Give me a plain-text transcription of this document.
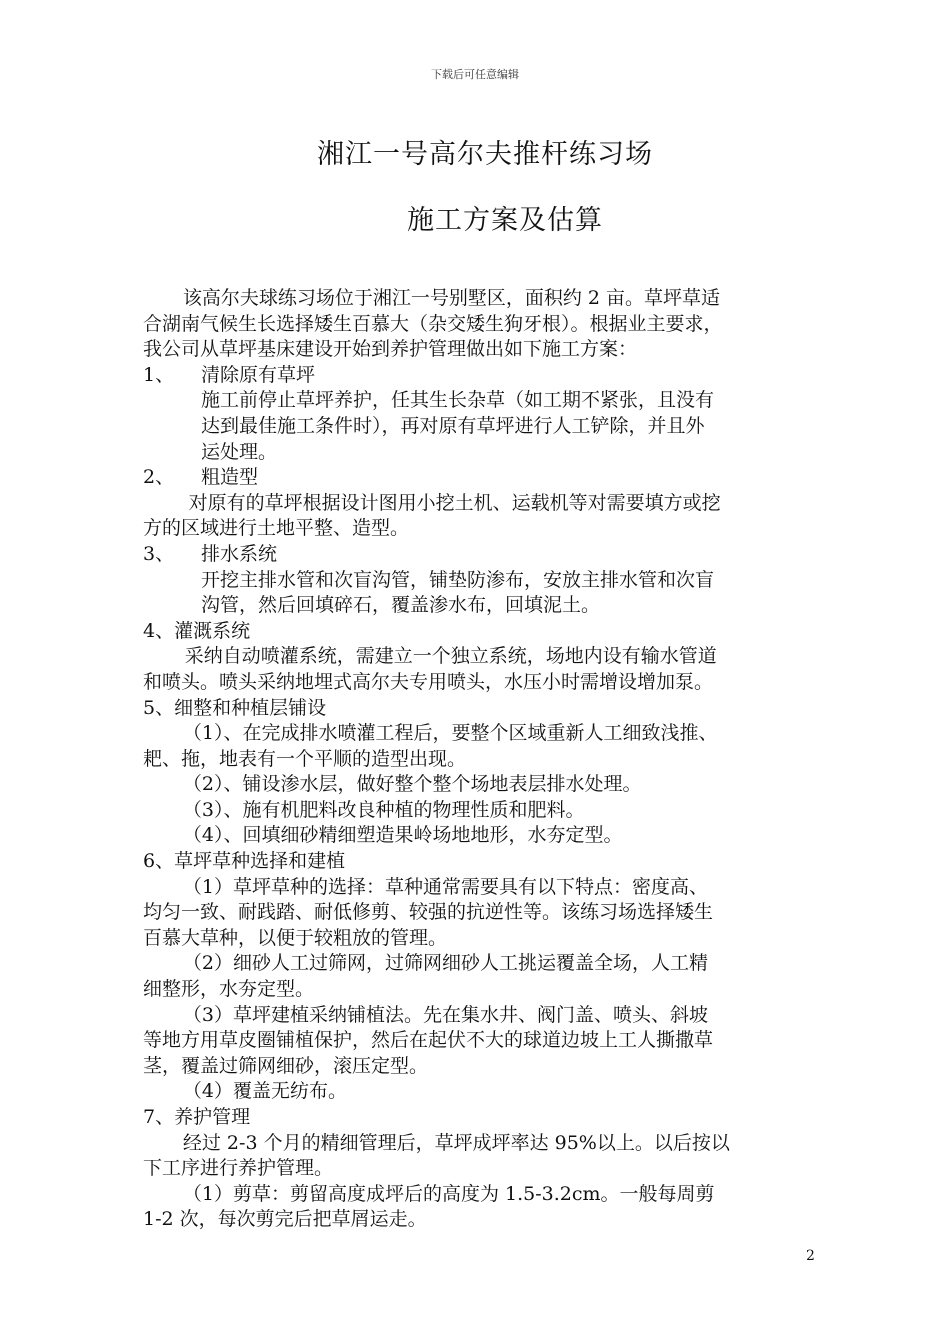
下载后可任意编辑
湘江一号高尔夫推杆练习场
施工方案及估算

该高尔夫球练习场位于湘江一号别墅区，面积约 2 亩。草坪草适

合湖南气候生长选择矮生百慕大（杂交矮生狗牙根）。根据业主要求，

我公司从草坪基床建设开始到养护管理做出如下施工方案：

1、 清除原有草坪

施工前停止草坪养护，任其生长杂草（如工期不紧张，且没有

达到最佳施工条件时），再对原有草坪进行人工铲除，并且外

运处理。

2、 粗造型

对原有的草坪根据设计图用小挖土机、运载机等对需要填方或挖

方的区域进行土地平整、造型。

3、 排水系统

开挖主排水管和次盲沟管，铺垫防渗布，安放主排水管和次盲

沟管，然后回填碎石，覆盖渗水布，回填泥土。

4、灌溉系统

采纳自动喷灌系统，需建立一个独立系统，场地内设有输水管道

和喷头。喷头采纳地埋式高尔夫专用喷头，水压小时需增设增加泵。

5、细整和种植层铺设

（1）、在完成排水喷灌工程后，要整个区域重新人工细致浅推、

耙、拖，地表有一个平顺的造型出现。

（2）、铺设渗水层，做好整个整个场地表层排水处理。

（3）、施有机肥料改良种植的物理性质和肥料。

（4）、回填细砂精细塑造果岭场地地形，水夯定型。

6、草坪草种选择和建植

（1）草坪草种的选择：草种通常需要具有以下特点：密度高、

均匀一致、耐践踏、耐低修剪、较强的抗逆性等。该练习场选择矮生

百慕大草种，以便于较粗放的管理。

（2）细砂人工过筛网，过筛网细砂人工挑运覆盖全场，人工精

细整形，水夯定型。

（3）草坪建植采纳铺植法。先在集水井、阀门盖、喷头、斜坡

等地方用草皮圈铺植保护，然后在起伏不大的球道边坡上工人撕撒草

茎，覆盖过筛网细砂，滚压定型。

（4）覆盖无纺布。

7、养护管理

经过 2-3 个月的精细管理后，草坪成坪率达 95%以上。以后按以

下工序进行养护管理。

（1）剪草：剪留高度成坪后的高度为 1.5-3.2cm。一般每周剪

1-2 次，每次剪完后把草屑运走。

2
